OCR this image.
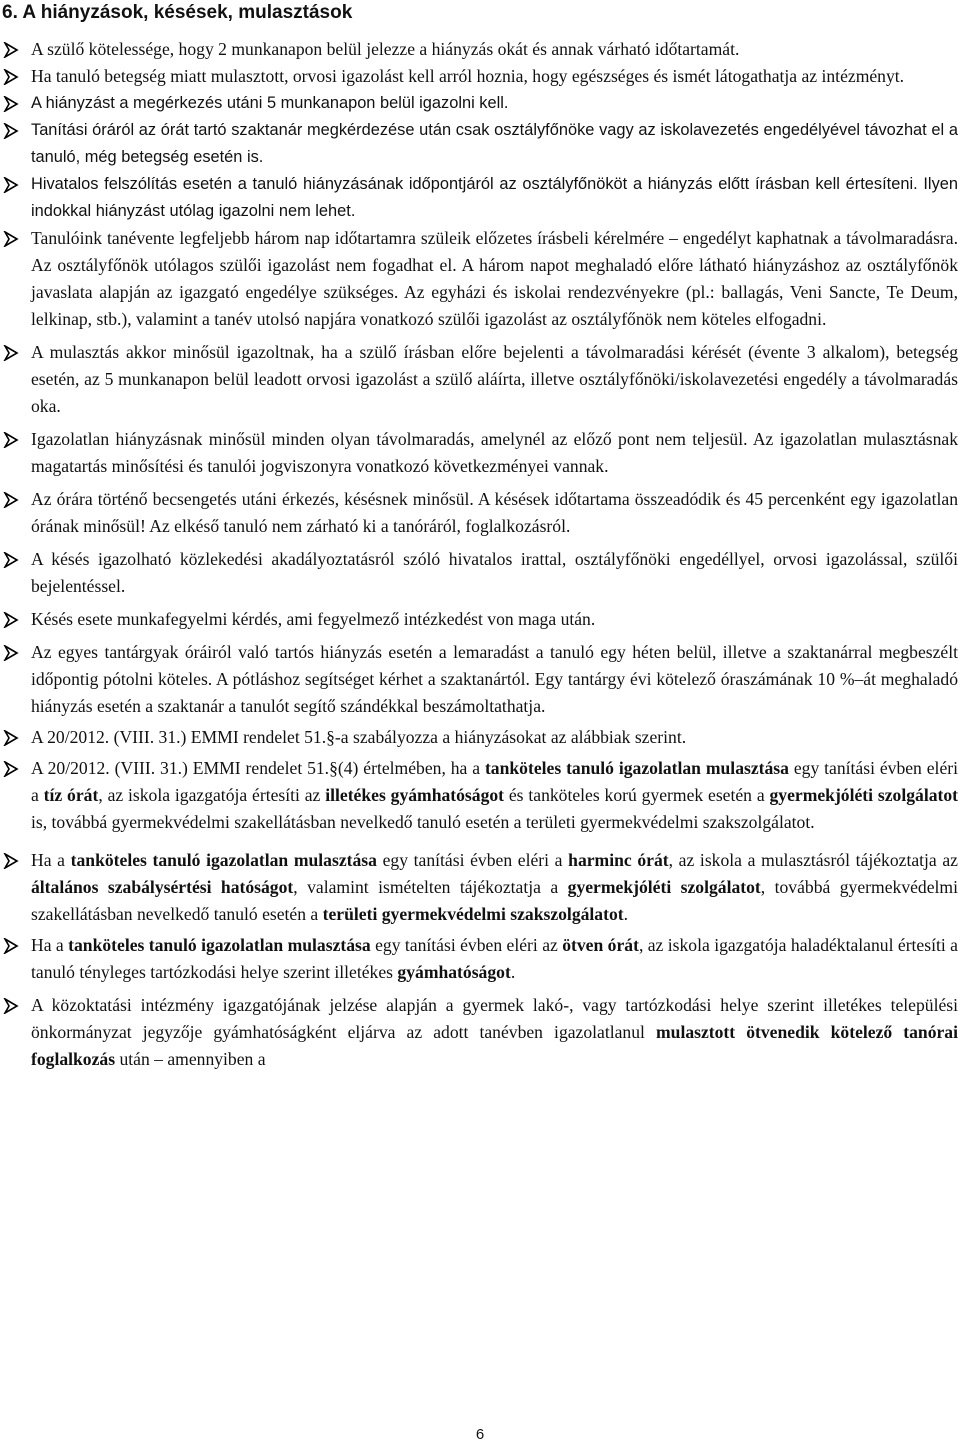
6. A hiányzások, késések, mulasztások
A szülő kötelessége, hogy 2 munkanapon belül jelezze a hiányzás okát és annak várható időtartamát.
Ha tanuló betegség miatt mulasztott, orvosi igazolást kell arról hoznia, hogy egészséges és ismét látogathatja az intézményt.
A hiányzást a megérkezés utáni 5 munkanapon belül igazolni kell.
Tanítási óráról az órát tartó szaktanár megkérdezése után csak osztályfőnöke vagy az iskolavezetés engedélyével távozhat el a tanuló, még betegség esetén is.
Hivatalos felszólítás esetén a tanuló hiányzásának időpontjáról az osztályfőnököt a hiányzás előtt írásban kell értesíteni. Ilyen indokkal hiányzást utólag igazolni nem lehet.
Tanulóink tanévente legfeljebb három nap időtartamra szüleik előzetes írásbeli kérelmére – engedélyt kaphatnak a távolmaradásra. Az osztályfőnök utólagos szülői igazolást nem fogadhat el. A három napot meghaladó előre látható hiányzáshoz az osztályfőnök javaslata alapján az igazgató engedélye szükséges. Az egyházi és iskolai rendezvényekre (pl.: ballagás, Veni Sancte, Te Deum, lelkinap, stb.), valamint a tanév utolsó napjára vonatkozó szülői igazolást az osztályfőnök nem köteles elfogadni.
A mulasztás akkor minősül igazoltnak, ha a szülő írásban előre bejelenti a távolmaradási kérését (évente 3 alkalom), betegség esetén, az 5 munkanapon belül leadott orvosi igazolást a szülő aláírta, illetve osztályfőnöki/iskolavezetési engedély a távolmaradás oka.
Igazolatlan hiányzásnak minősül minden olyan távolmaradás, amelynél az előző pont nem teljesül. Az igazolatlan mulasztásnak magatartás minősítési és tanulói jogviszonyra vonatkozó következményei vannak.
Az órára történő becsengetés utáni érkezés, késésnek minősül. A késések időtartama összeadódik és 45 percenként egy igazolatlan órának minősül! Az elkéső tanuló nem zárható ki a tanóráról, foglalkozásról.
A késés igazolható közlekedési akadályoztatásról szóló hivatalos irattal, osztályfőnöki engedéllyel, orvosi igazolással, szülői bejelentéssel.
Késés esete munkafegyelmi kérdés, ami fegyelmező intézkedést von maga után.
Az egyes tantárgyak óráiról való tartós hiányzás esetén a lemaradást a tanuló egy héten belül, illetve a szaktanárral megbeszélt időpontig pótolni köteles. A pótláshoz segítséget kérhet a szaktanártól. Egy tantárgy évi kötelező óraszámának 10 %–át meghaladó hiányzás esetén a szaktanár a tanulót segítő szándékkal beszámoltathatja.
A 20/2012. (VIII. 31.) EMMI rendelet 51.§-a szabályozza a hiányzásokat az alábbiak szerint.
A 20/2012. (VIII. 31.) EMMI rendelet 51.§(4) értelmében, ha a tanköteles tanuló igazolatlan mulasztása egy tanítási évben eléri a tíz órát, az iskola igazgatója értesíti az illetékes gyámhatóságot és tanköteles korú gyermek esetén a gyermekjóléti szolgálatot is, továbbá gyermekvédelmi szakellátásban nevelkedő tanuló esetén a területi gyermekvédelmi szakszolgálatot.
Ha a tanköteles tanuló igazolatlan mulasztása egy tanítási évben eléri a harminc órát, az iskola a mulasztásról tájékoztatja az általános szabálysértési hatóságot, valamint ismételten tájékoztatja a gyermekjóléti szolgálatot, továbbá gyermekvédelmi szakellátásban nevelkedő tanuló esetén a területi gyermekvédelmi szakszolgálatot.
Ha a tanköteles tanuló igazolatlan mulasztása egy tanítási évben eléri az ötven órát, az iskola igazgatója haladéktalanul értesíti a tanuló tényleges tartózkodási helye szerint illetékes gyámhatóságot.
A közoktatási intézmény igazgatójának jelzése alapján a gyermek lakó-, vagy tartózkodási helye szerint illetékes települési önkormányzat jegyzője gyámhatóságként eljárva az adott tanévben igazolatlanul mulasztott ötvenedik kötelező tanórai foglalkozás után – amennyiben a
6
